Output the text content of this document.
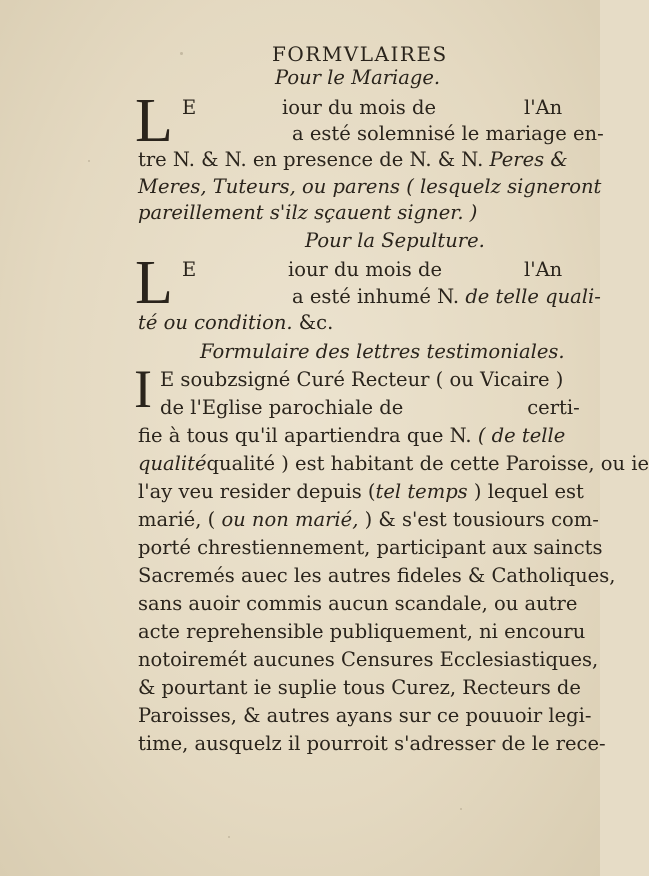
FORMVLAIRES
Pour le Mariage.
L E	iour du mois de	l'An
a esté solemnisé le mariage en-
tre N. & N. en presence de N. & N. Peres &
Meres, Tuteurs, ou parens ( lesquelz signeront
pareillement s'ilz sçauent signer. )
Pour la Sepulture.
L E	iour du mois de	l'An
a esté inhumé N. de telle quali-
té ou condition. &c.
Formulaire des lettres testimoniales.
I E soubzsigné Curé Recteur ( ou Vicaire )
de l'Eglise parochiale de                    certi-
fie à tous qu'il apartiendra que N. ( de telle
qualitéqualité ) est habitant de cette Paroisse, ou ie
l'ay veu resider depuis (tel temps ) lequel est
marié, ( ou non marié, ) & s'est tousiours com-
porté chrestiennement, participant aux saincts
Sacremés auec les autres fideles & Catholiques,
sans auoir commis aucun scandale, ou autre
acte reprehensible publiquement, ni encouru
notoiremét aucunes Censures Ecclesiastiques,
& pourtant ie suplie tous Curez, Recteurs de
Paroisses, & autres ayans sur ce pouuoir legi-
time, ausquelz il pourroit s'adresser de le rece-
